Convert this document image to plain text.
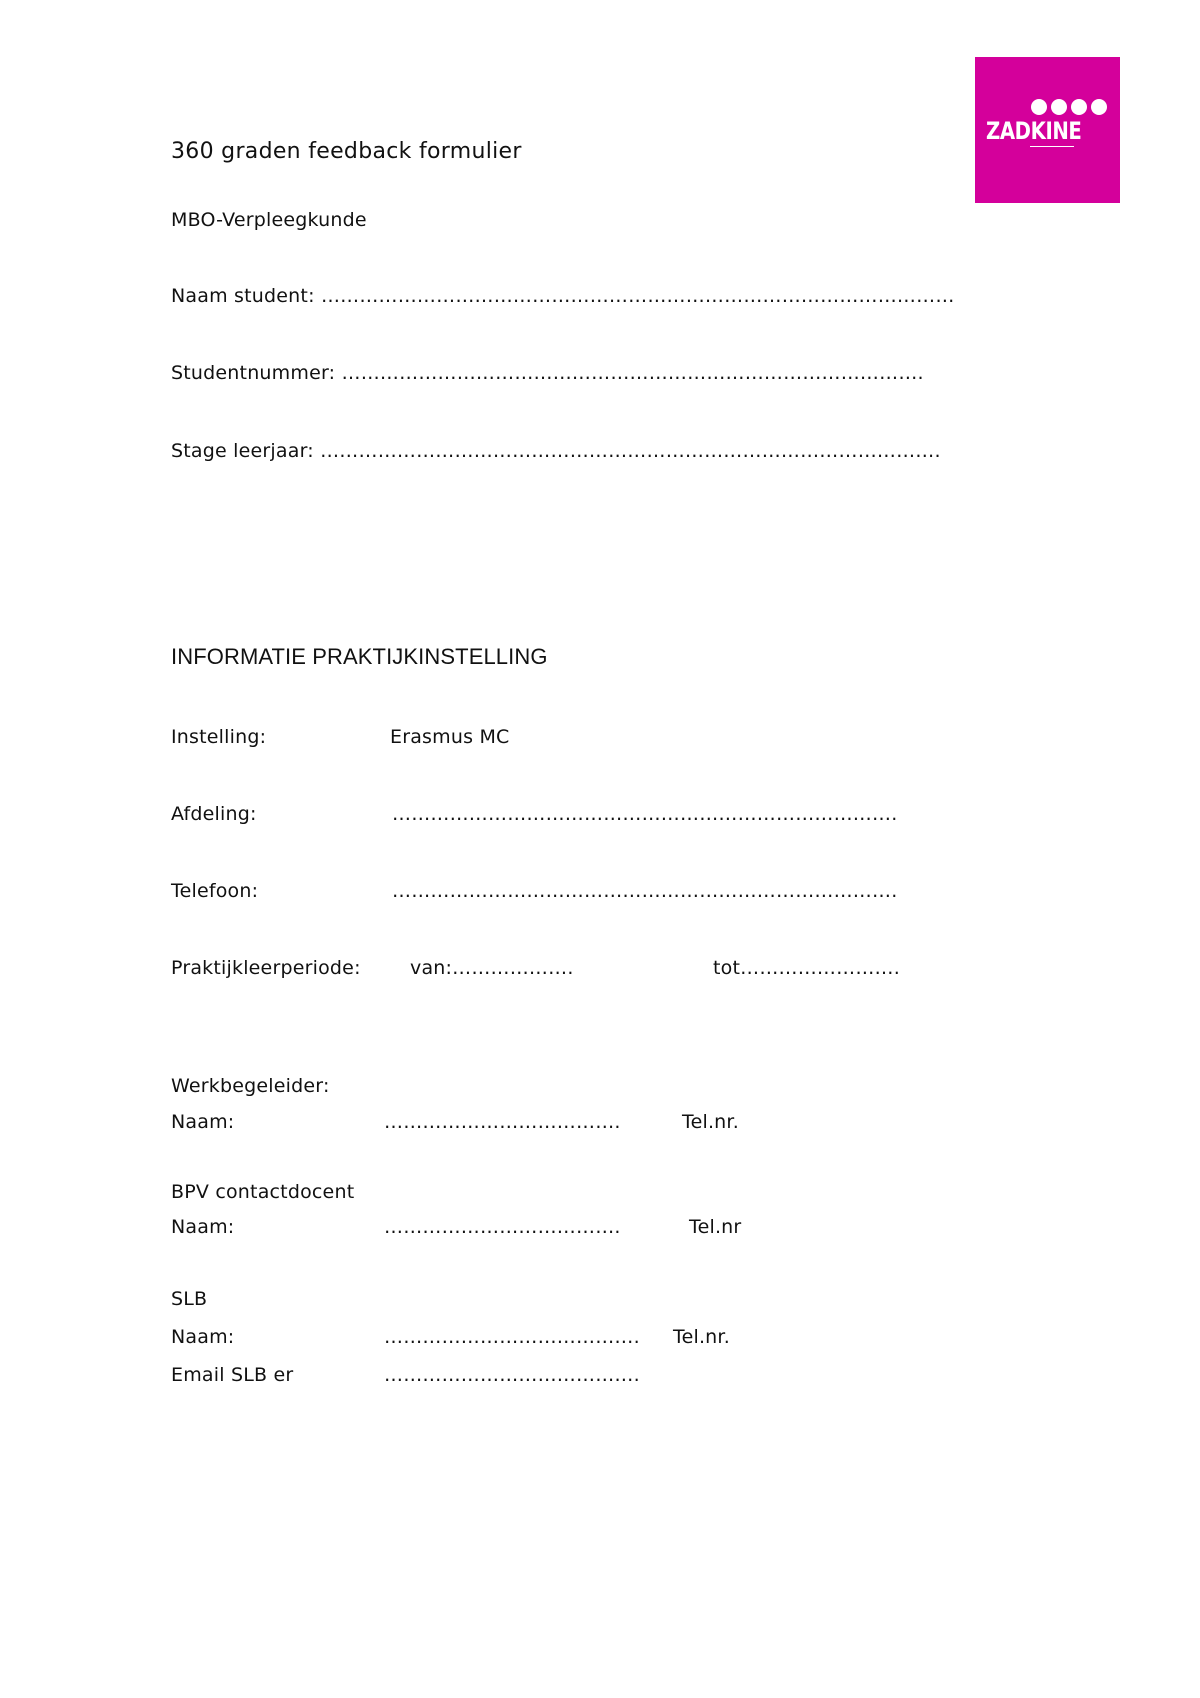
ZADKINE
360 graden feedback formulier
MBO-Verpleegkunde
Naam student: ………………………………………………………………………………………
Studentnummer: ……………………………………………………………………………….
Stage leerjaar: …………………………………………………………………………………….
INFORMATIE PRAKTIJKINSTELLING
Instelling:	Erasmus MC
Afdeling:	…………………………………………………………………….
Telefoon:	…………………………………………………………………….
Praktijkleerperiode:	van:……………….	tot…………………….
Werkbegeleider:
Naam:	……………………………….	Tel.nr.
BPV contactdocent
Naam:	……………………………….	Tel.nr
SLB
Naam:	…………………………………. Tel.nr.
Email SLB er	………………………………….
